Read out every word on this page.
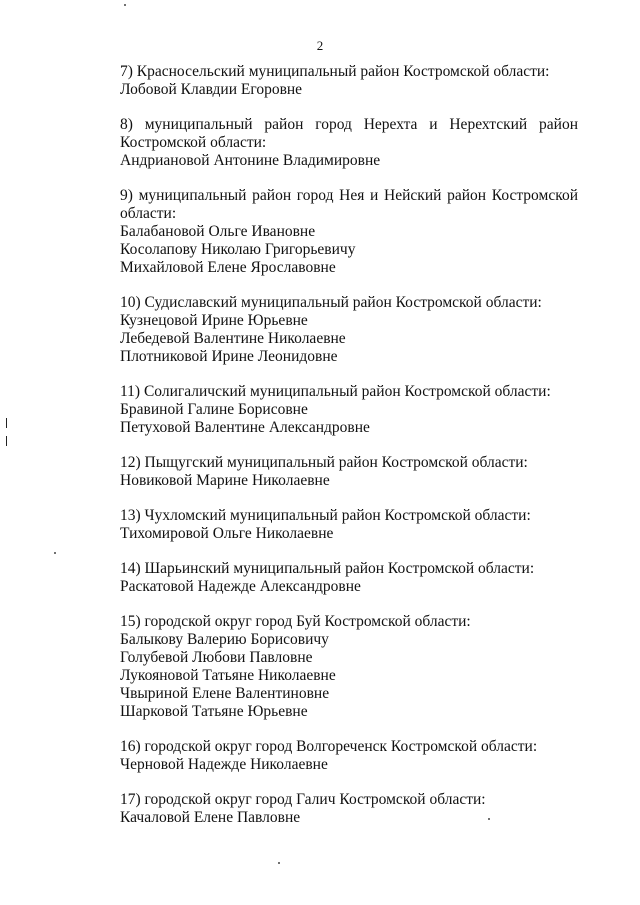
2
7) Красносельский муниципальный район Костромской области:
Лобовой Клавдии Егоровне
8) муниципальный район город Нерехта и Нерехтский район
Костромской области:
Андриановой Антонине Владимировне
9) муниципальный район город Нея и Нейский район Костромской
области:
Балабановой Ольге Ивановне
Косолапову Николаю Григорьевичу
Михайловой Елене Ярославовне
10) Судиславский муниципальный район Костромской области:
Кузнецовой Ирине Юрьевне
Лебедевой Валентине Николаевне
Плотниковой Ирине Леонидовне
11) Солигаличский муниципальный район Костромской области:
Бравиной Галине Борисовне
Петуховой Валентине Александровне
12) Пыщугский муниципальный район Костромской области:
Новиковой Марине Николаевне
13) Чухломский муниципальный район Костромской области:
Тихомировой Ольге Николаевне
14) Шарьинский муниципальный район Костромской области:
Раскатовой Надежде Александровне
15) городской округ город Буй Костромской области:
Балыкову Валерию Борисовичу
Голубевой Любови Павловне
Лукояновой Татьяне Николаевне
Чвыриной Елене Валентиновне
Шарковой Татьяне Юрьевне
16) городской округ город Волгореченск Костромской области:
Черновой Надежде Николаевне
17) городской округ город Галич Костромской области:
Качаловой Елене Павловне
